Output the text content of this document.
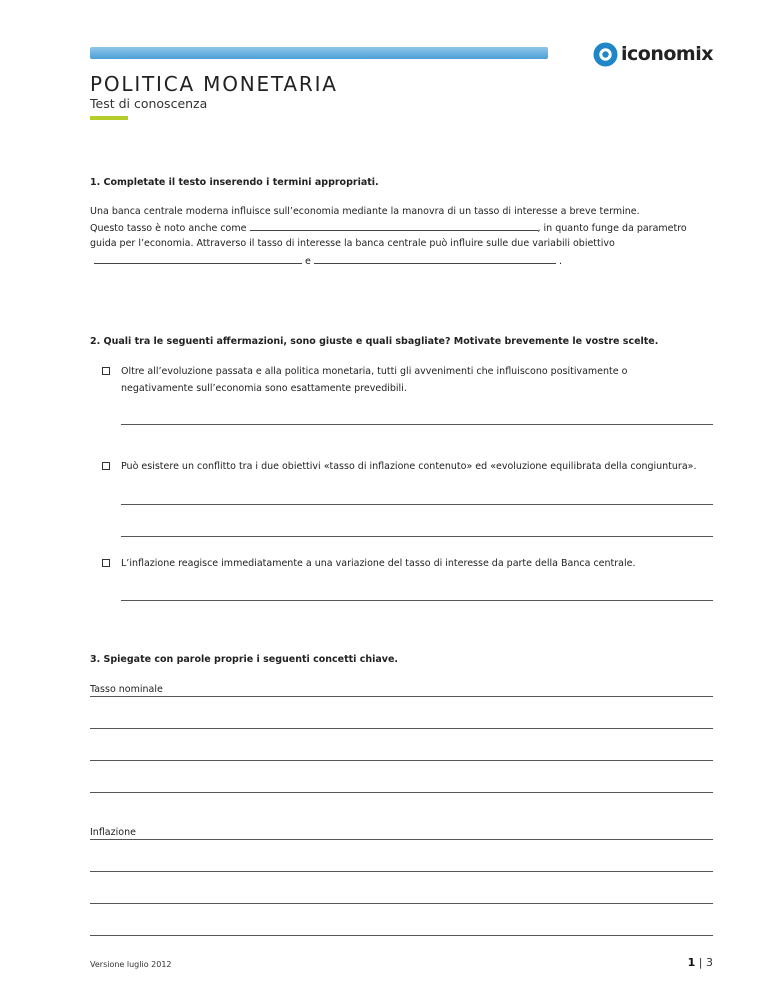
iconomix
POLITICA MONETARIA
Test di conoscenza
1. Completate il testo inserendo i termini appropriati.
Una banca centrale moderna influisce sull’economia mediante la manovra di un tasso di interesse a breve termine.
Questo tasso è noto anche come	, in quanto funge da parametro
guida per l’economia. Attraverso il tasso di interesse la banca centrale può influire sulle due variabili obiettivo
e	.
2. Quali tra le seguenti affermazioni, sono giuste e quali sbagliate? Motivate brevemente le vostre scelte.
Oltre all’evoluzione passata e alla politica monetaria, tutti gli avvenimenti che influiscono positivamente o
negativamente sull’economia sono esattamente prevedibili.
Può esistere un conflitto tra i due obiettivi «tasso di inflazione contenuto» ed «evoluzione equilibrata della congiuntura».
L’inflazione reagisce immediatamente a una variazione del tasso di interesse da parte della Banca centrale.
3. Spiegate con parole proprie i seguenti concetti chiave.
Tasso nominale
Inflazione
Versione luglio 2012	1 | 3
